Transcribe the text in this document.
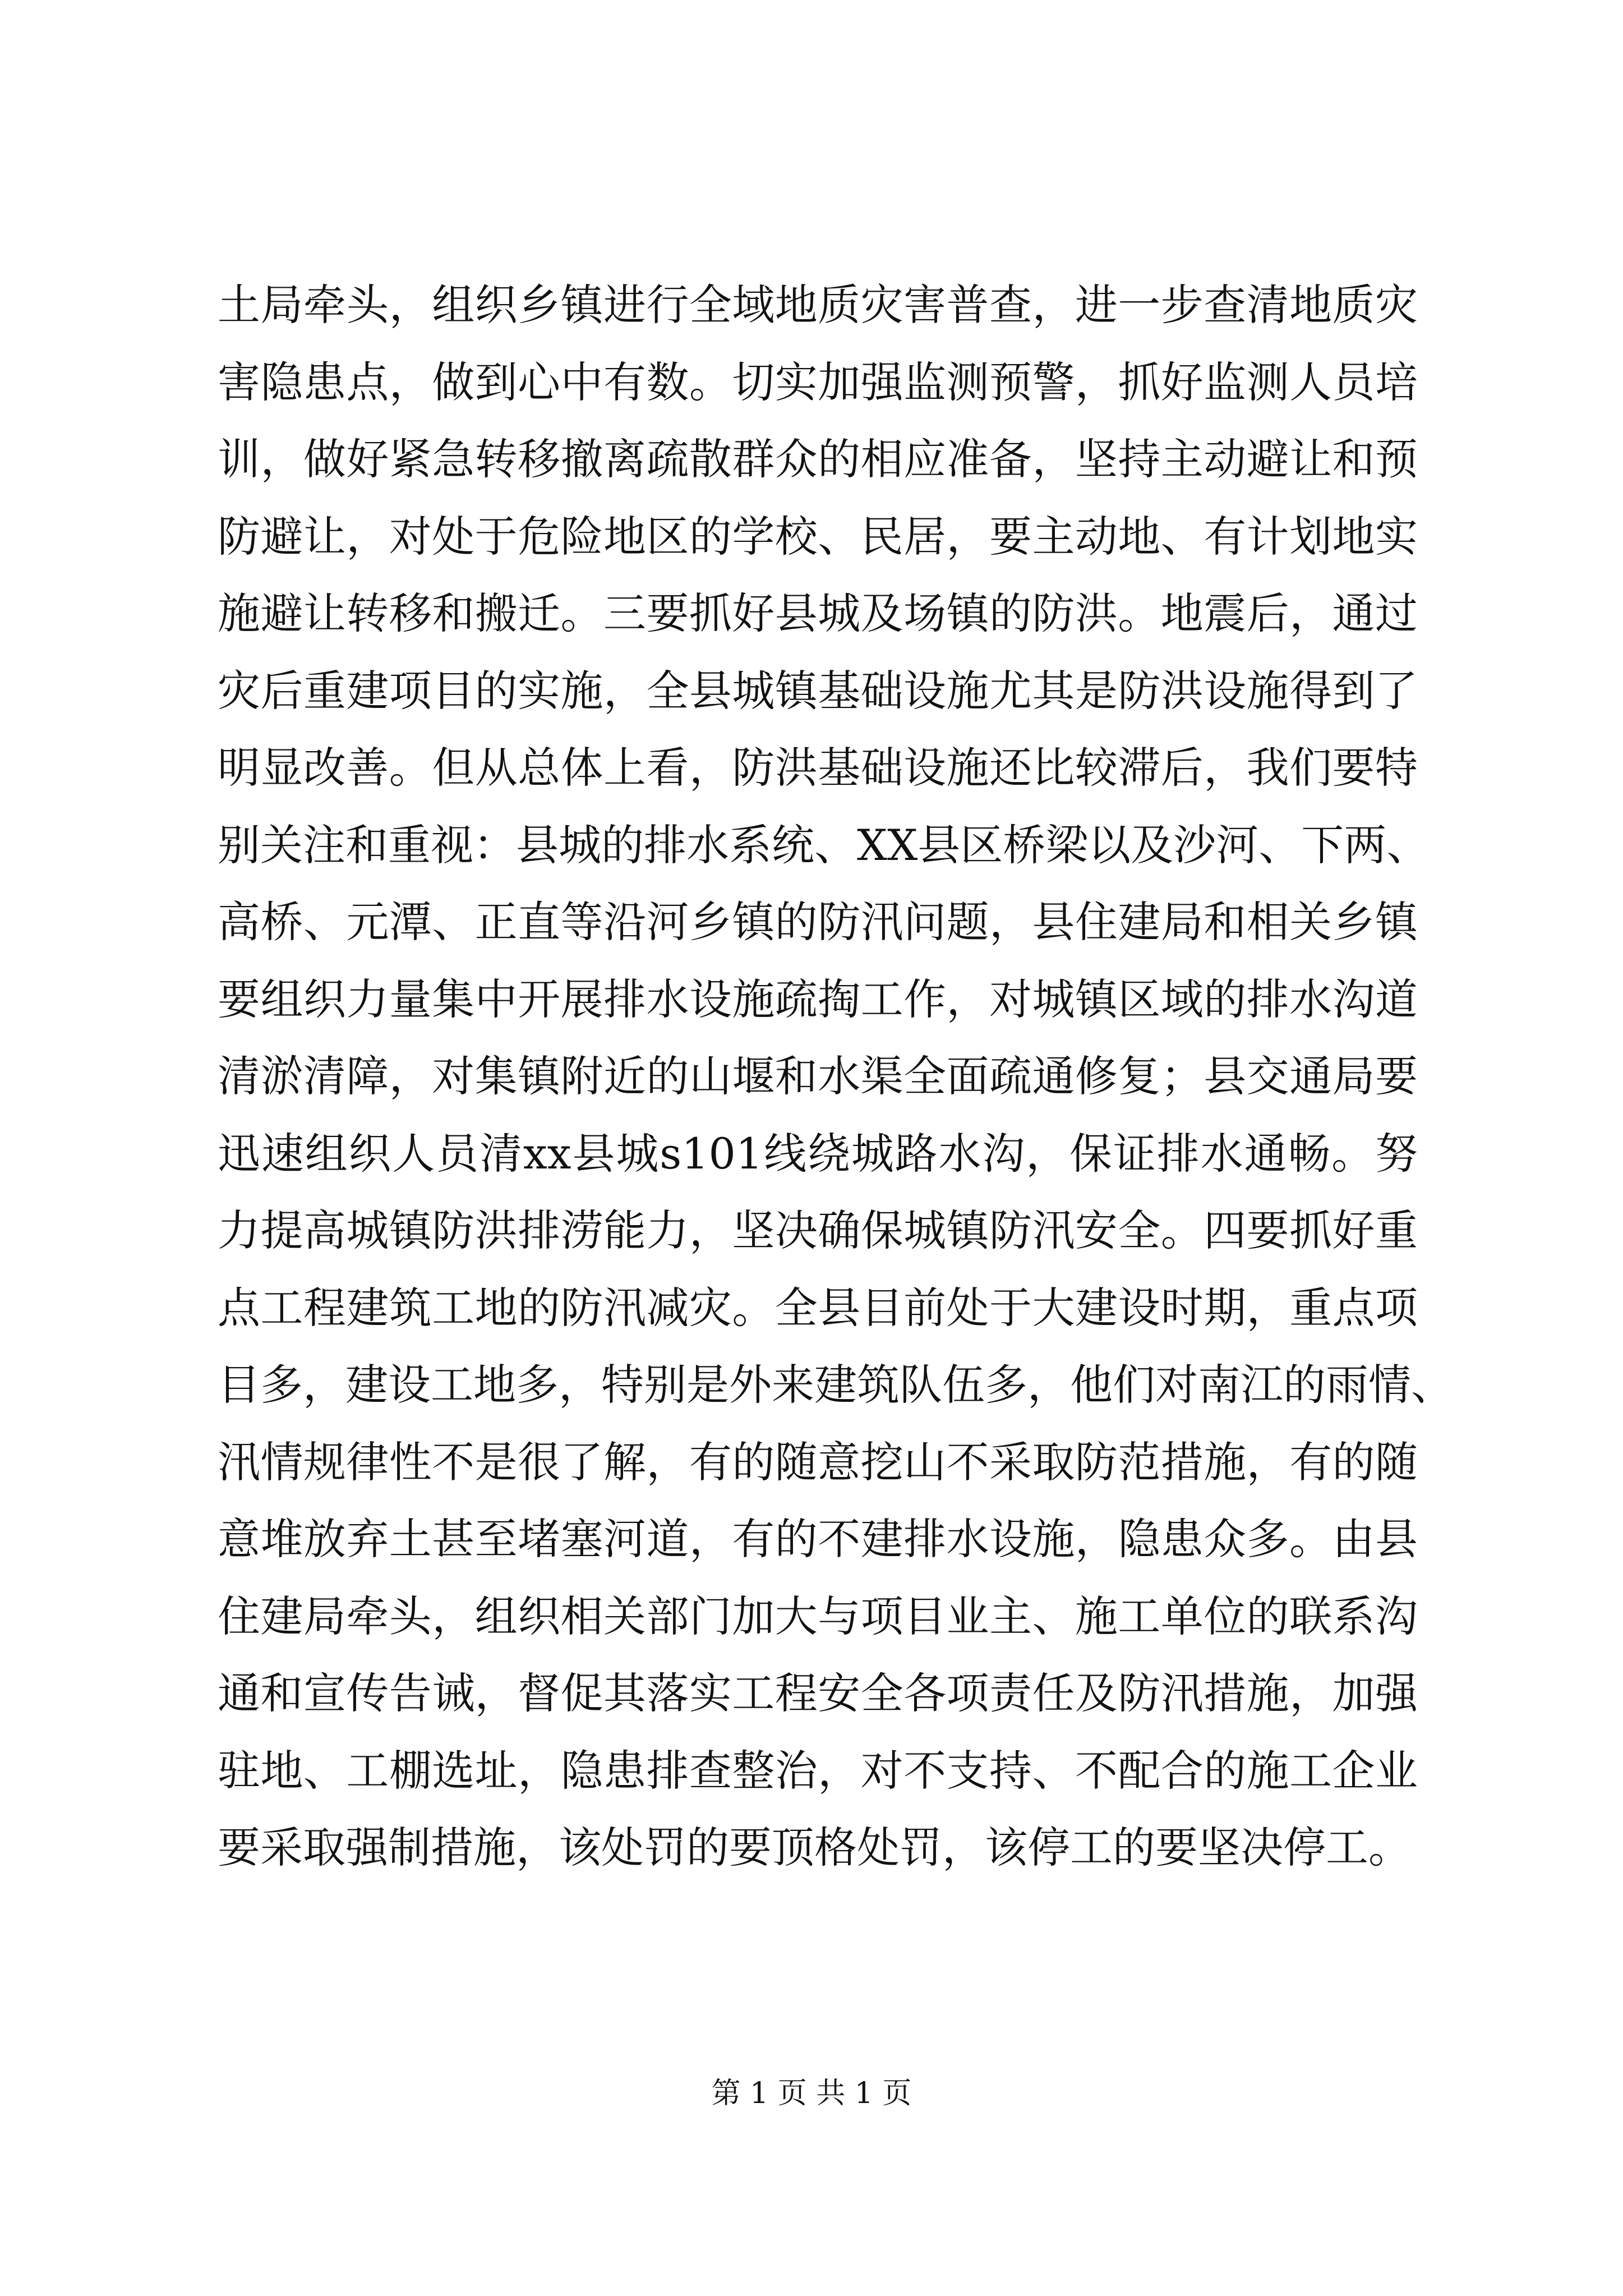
土局牵头，组织乡镇进行全域地质灾害普查，进一步查清地质灾
害隐患点，做到心中有数。切实加强监测预警，抓好监测人员培
训，做好紧急转移撤离疏散群众的相应准备，坚持主动避让和预
防避让，对处于危险地区的学校、民居，要主动地、有计划地实
施避让转移和搬迁。三要抓好县城及场镇的防洪。地震后，通过
灾后重建项目的实施，全县城镇基础设施尤其是防洪设施得到了
明显改善。但从总体上看，防洪基础设施还比较滞后，我们要特
别关注和重视：县城的排水系统、XX县区桥梁以及沙河、下两、
高桥、元潭、正直等沿河乡镇的防汛问题，县住建局和相关乡镇
要组织力量集中开展排水设施疏掏工作，对城镇区域的排水沟道
清淤清障，对集镇附近的山堰和水渠全面疏通修复；县交通局要
迅速组织人员清xx县城s101线绕城路水沟，保证排水通畅。努
力提高城镇防洪排涝能力，坚决确保城镇防汛安全。四要抓好重
点工程建筑工地的防汛减灾。全县目前处于大建设时期，重点项
目多，建设工地多，特别是外来建筑队伍多，他们对南江的雨情、
汛情规律性不是很了解，有的随意挖山不采取防范措施，有的随
意堆放弃土甚至堵塞河道，有的不建排水设施，隐患众多。由县
住建局牵头，组织相关部门加大与项目业主、施工单位的联系沟
通和宣传告诫，督促其落实工程安全各项责任及防汛措施，加强
驻地、工棚选址，隐患排查整治，对不支持、不配合的施工企业
要采取强制措施，该处罚的要顶格处罚，该停工的要坚决停工。
第 1 页 共 1 页
